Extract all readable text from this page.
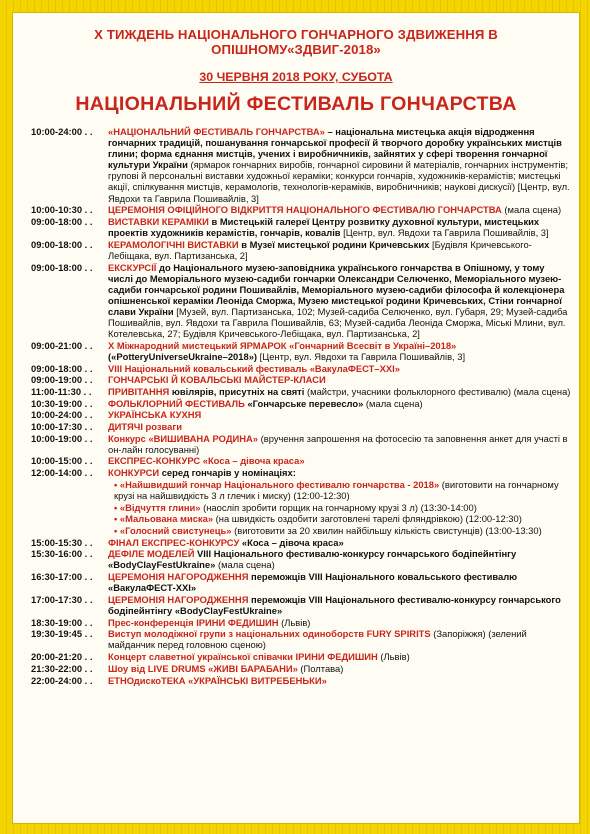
Х ТИЖДЕНЬ НАЦІОНАЛЬНОГО ГОНЧАРНОГО ЗДВИЖЕННЯ В ОПІШНОМУ«ЗДВИГ-2018»
30 ЧЕРВНЯ 2018 РОКУ, СУБОТА
НАЦІОНАЛЬНИЙ ФЕСТИВАЛЬ ГОНЧАРСТВА
10:00-24:00 . .	«НАЦІОНАЛЬНИЙ ФЕСТИВАЛЬ ГОНЧАРСТВА» – національна мистецька акція відродження гончарних традицій, пошанування гончарської професії й творчого доробку українських мистців глини; форма єднання мистців, учених і виробничників, зайнятих у сфері творення гончарної культури України (ярмарок гончарних виробів, гончарної сировини й матеріалів, гончарних інструментів; групові й персональні виставки художньої кераміки; конкурси гончарів, художників-керамістів; мистецькі акції, спілкування мистців, керамологів, технологів-кераміків, виробничників; наукові дискусії) [Центр, вул. Явдохи та Гаврила Пошивайлів, 3]
10:00-10:30 . .	ЦЕРЕМОНІЯ ОФІЦІЙНОГО ВІДКРИТТЯ НАЦІОНАЛЬНОГО ФЕСТИВАЛЮ ГОНЧАРСТВА (мала сцена)
09:00-18:00 . .	ВИСТАВКИ КЕРАМІКИ в Мистецькій галереї Центру розвитку духовної культури, мистецьких проектів художників керамістів, гончарів, ковалів [Центр, вул. Явдохи та Гаврила Пошивайлів, 3]
09:00-18:00 . .	КЕРАМОЛОГІЧНІ ВИСТАВКИ в Музеї мистецької родини Кричевських [Будівля Кричевського-Лебіщака, вул. Партизанська, 2]
09:00-18:00 . .	ЕКСКУРСІЇ до Національного музею-заповідника українського гончарства в Опішному, у тому числі до Меморіального музею-садиби гончарки Олександри Селюченко, Меморіального музею-садиби гончарської родини Пошивайлів, Меморіального музею-садиби філософа й колекціонера опішненської кераміки Леоніда Сморжа, Музею мистецької родини Кричевських, Стіни гончарної слави України [Музей, вул. Партизанська, 102; Музей-садиба Селюченко, вул. Губаря, 29; Музей-садиба Пошивайлів, вул. Явдохи та Гаврила Пошивайлів, 63; Музей-садиба Леоніда Сморжа, Міські Млини, вул. Котелевська, 27; Будівля Кричевського-Лебіщака, вул. Партизанська, 2]
09:00-21:00 . .	Х Міжнародний мистецький ЯРМАРОК «Гончарний Всесвіт в Україні–2018» («PotteryUniverseUkraine–2018») [Центр, вул. Явдохи та Гаврила Пошивайлів, 3]
09:00-18:00 . .	VIII Національний ковальський фестиваль «ВакулаФЕСТ–ХХІ»
09:00-19:00 . .	ГОНЧАРСЬКІ Й КОВАЛЬСЬКІ МАЙСТЕР-КЛАСИ
11:00-11:30 . .	ПРИВІТАННЯ ювілярів, присутніх на святі (майстри, учасники фольклорного фестивалю) (мала сцена)
10:30-19:00 . .	ФОЛЬКЛОРНИЙ ФЕСТИВАЛЬ «Гончарське перевесло» (мала сцена)
10:00-24:00 . .	УКРАЇНСЬКА КУХНЯ
10:00-17:30 . .	ДИТЯЧІ розваги
10:00-19:00 . .	Конкурс «ВИШИВАНА РОДИНА» (вручення запрошення на фотосесію та заповнення анкет для участі в он-лайн голосуванні)
10:00-15:00 . .	ЕКСПРЕС-КОНКУРС «Коса – дівоча краса»
12:00-14:00 . .	КОНКУРСИ серед гончарів у номінаціях:
• «Найшвидший гончар Національного фестивалю гончарства - 2018» (виготовити на гончарному крузі на найшвидкість 3 л глечик і миску) (12:00-12:30)
• «Відчуття глини» (наосліп зробити горщик на гончарному крузі 3 л) (13:30-14:00)
• «Мальована миска» (на швидкість оздобити заготовлені тарелі фляндрівкою) (12:00-12:30)
• «Голосний свистунець» (виготовити за 20 хвилин найбільшу кількість свистунців) (13:00-13:30)
15:00-15:30 . .	ФІНАЛ ЕКСПРЕС-КОНКУРСУ «Коса – дівоча краса»
15:30-16:00 . .	ДЕФІЛЕ МОДЕЛЕЙ VIII Національного фестивалю-конкурсу гончарського бодіпейнтінгу «BodyClayFestUkraine» (мала сцена)
16:30-17:00 . .	ЦЕРЕМОНІЯ НАГОРОДЖЕННЯ переможців VIII Національного ковальського фестивалю «ВакулаФЕСТ-ХХІ»
17:00-17:30 . .	ЦЕРЕМОНІЯ НАГОРОДЖЕННЯ переможців VIII Національного фестивалю-конкурсу гончарського бодіпейнтінгу «BodyClayFestUkraine»
18:30-19:00 . .	Прес-конференція ІРИНИ ФЕДИШИН (Львів)
19:30-19:45 . .	Виступ молодіжної групи з національних одиноборств FURY SPIRITS (Запоріжжя) (зелений майданчик перед головною сценою)
20:00-21:20 . .	Концерт славетної української співачки ІРИНИ ФЕДИШИН (Львів)
21:30-22:00 . .	Шоу від LIVE DRUMS «ЖИВІ БАРАБАНИ» (Полтава)
22:00-24:00 . .	ЕТНОдискоТЕКА «УКРАЇНСЬКІ ВИТРЕБЕНЬКИ»
